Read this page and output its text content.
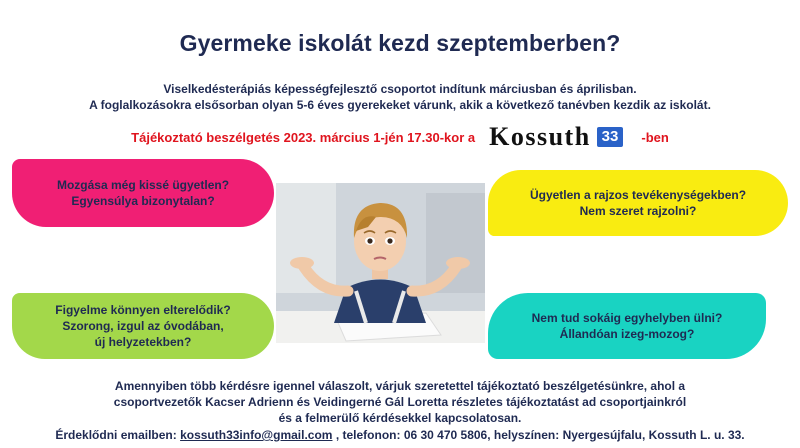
Gyermeke iskolát kezd szeptemberben?
Viselkedésterápiás képességfejlesztő csoportot indítunk márciusban és áprilisban.
A foglalkozásokra elsősorban olyan 5-6 éves gyerekeket várunk, akik a következő tanévben kezdik az iskolát.
Tájékoztató beszélgetés 2023. március 1-jén 17.30-kor a Kossuth 33	-ben
Mozgása még kissé ügyetlen?
Egyensúlya bizonytalan?	Ügyetlen a rajzos tevékenységekben?
Nem szeret rajzolni?
Figyelme könnyen elterelődik?
Szorong, izgul az óvodában,
új helyzetekben?
Nem tud sokáig egyhelyben ülni?
Állandóan izeg-mozog?
Amennyiben több kérdésre igennel válaszolt, várjuk szeretettel tájékoztató beszélgetésünkre, ahol a
csoportvezetők Kacser Adrienn és Veidingerné Gál Loretta részletes tájékoztatást ad csoportjainkról
és a felmerülő kérdésekkel kapcsolatosan.
Érdeklődni emailben: kossuth33info@gmail.com , telefonon: 06 30 470 5806, helyszínen: Nyergesújfalu, Kossuth L. u. 33.
